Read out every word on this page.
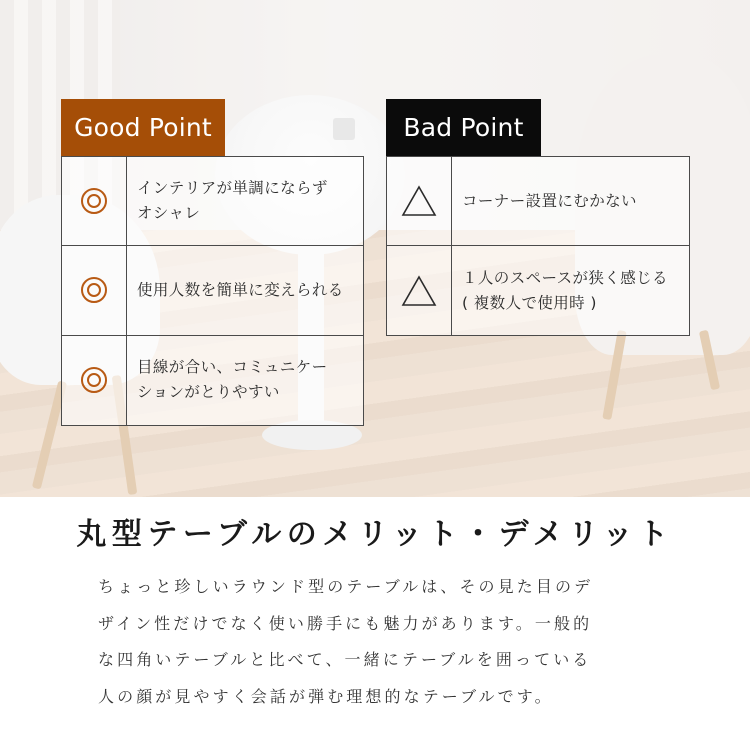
Good Point
インテリアが単調にならず
オシャレ
使用人数を簡単に変えられる
目線が合い、コミュニケー
ションがとりやすい
Bad Point
コーナー設置にむかない
１人のスペースが狭く感じる
( 複数人で使用時 )
丸型テーブルのメリット・デメリット
ちょっと珍しいラウンド型のテーブルは、その見た目のデ
ザイン性だけでなく使い勝手にも魅力があります。一般的
な四角いテーブルと比べて、一緒にテーブルを囲っている
人の顔が見やすく会話が弾む理想的なテーブルです。
